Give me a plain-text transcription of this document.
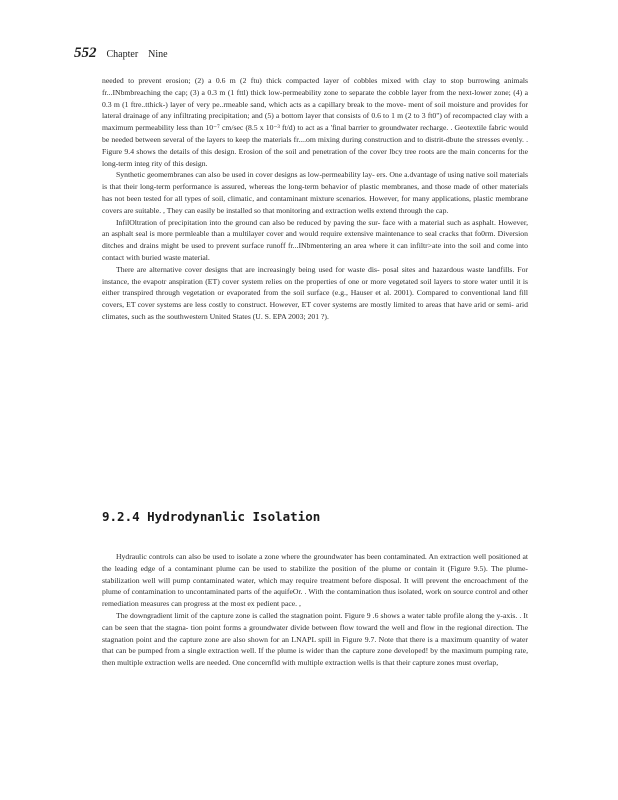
552 Chapter Nine

needed to prevent erosion; (2) a 0.6 m (2 ftu) thick compacted layer of cobbles mixed with clay to stop burrowing animals fr...INbmbreaching the cap; (3) a 0.3 m (1 fttl) thick low-permeability zone to separate the cobble layer from the next-lower zone; (4) a 0.3 m (1 ftre..tthick-) layer of very pe..rmeable sand, which acts as a capillary break to the move- ment of soil moisture and provides for lateral drainage of any infiltrating precipitation; and (5) a bottom layer that consists of 0.6 to 1 m (2 to 3 ft0") of recompacted clay with a maximum permeability less than 10⁻⁷ cm/sec (8.5 x 10⁻³ ft/d) to act as a 'final barrier to groundwater recharge. . Geotextile fabric would be needed between several of the layers to keep the materials fr....om mixing during construction and to distrit-dbute the stresses evenly. . Figure 9.4 shows the details of this design. Erosion of the soil and penetration of the cover lbcy tree roots are the main concerns for the long-term integ rity of this design.

Synthetic geomembranes can also be used in cover designs as low-permeability lay- ers. One a.dvantage of using native soil materials is that their long-term performance is assured, whereas the long-term behavior of plastic membranes, and those made of other materials has not been tested for all types of soil, climatic, and contaminant mixture scenarios. However, for many applications, plastic membrane covers are suitable. , They can easily be installed so that monitoring and extraction wells extend through the cap.

InfilOltration of precipitation into the ground can also be reduced by paving the sur- face with a material such as asphalt. However, an asphalt seal is more permleable than a multilayer cover and would require extensive maintenance to seal cracks that fo0rm. Diversion ditches and drains might be used to prevent surface runoff fr...INbmentering an area where it can infiltr>ate into the soil and come into contact with buried waste material.

There are alternative cover designs that are increasingly being used for waste dis- posal sites and hazardous waste landfills. For instance, the evapotr anspiration (ET) cover system relies on the properties of one or more vegetated soil layers to store water until it is either transpired through vegetation or evaporated from the soil surface (e.g., Hauser et al. 2001). Compared to conventional land fill covers, ET cover systems are less costly to construct. However, ET cover systems are mostly limited to areas that have arid or semi- arid climates, such as the southwestern United States (U. S. EPA 2003; 201 ?).

9.2.4 Hydrodynanlic Isolation

Hydraulic controls can also be used to isolate a zone where the groundwater has been contaminated. An extraction well positioned at the leading edge of a contaminant plume can be used to stabilize the position of the plume or contain it (Figure 9.5). The plume-stabilization well will pump contaminated water, which may require treatment before disposal. It will prevent the encroachment of the plume of contamination to uncontaminated parts of the aquifeOr. . With the contamination thus isolated, work on source control and other remediation measures can progress at the most ex pedient pace. ,

The downgradient limit of the capture zone is called the stagnation point. Figure 9 .6 shows a water table profile along the y-axis. . It can be seen that the stagna- tion point forms a groundwater divide between flow toward the well and flow in the regional direction. The stagnation point and the capture zone are also shown for an LNAPL spill in Figure 9.7. Note that there is a maximum quantity of water that can be pumped from a single extraction well. If the plume is wider than the capture zone developed! by the maximum pumping rate, then multiple extraction wells are needed. One concernfld with multiple extraction wells is that their capture zones must overlap,
